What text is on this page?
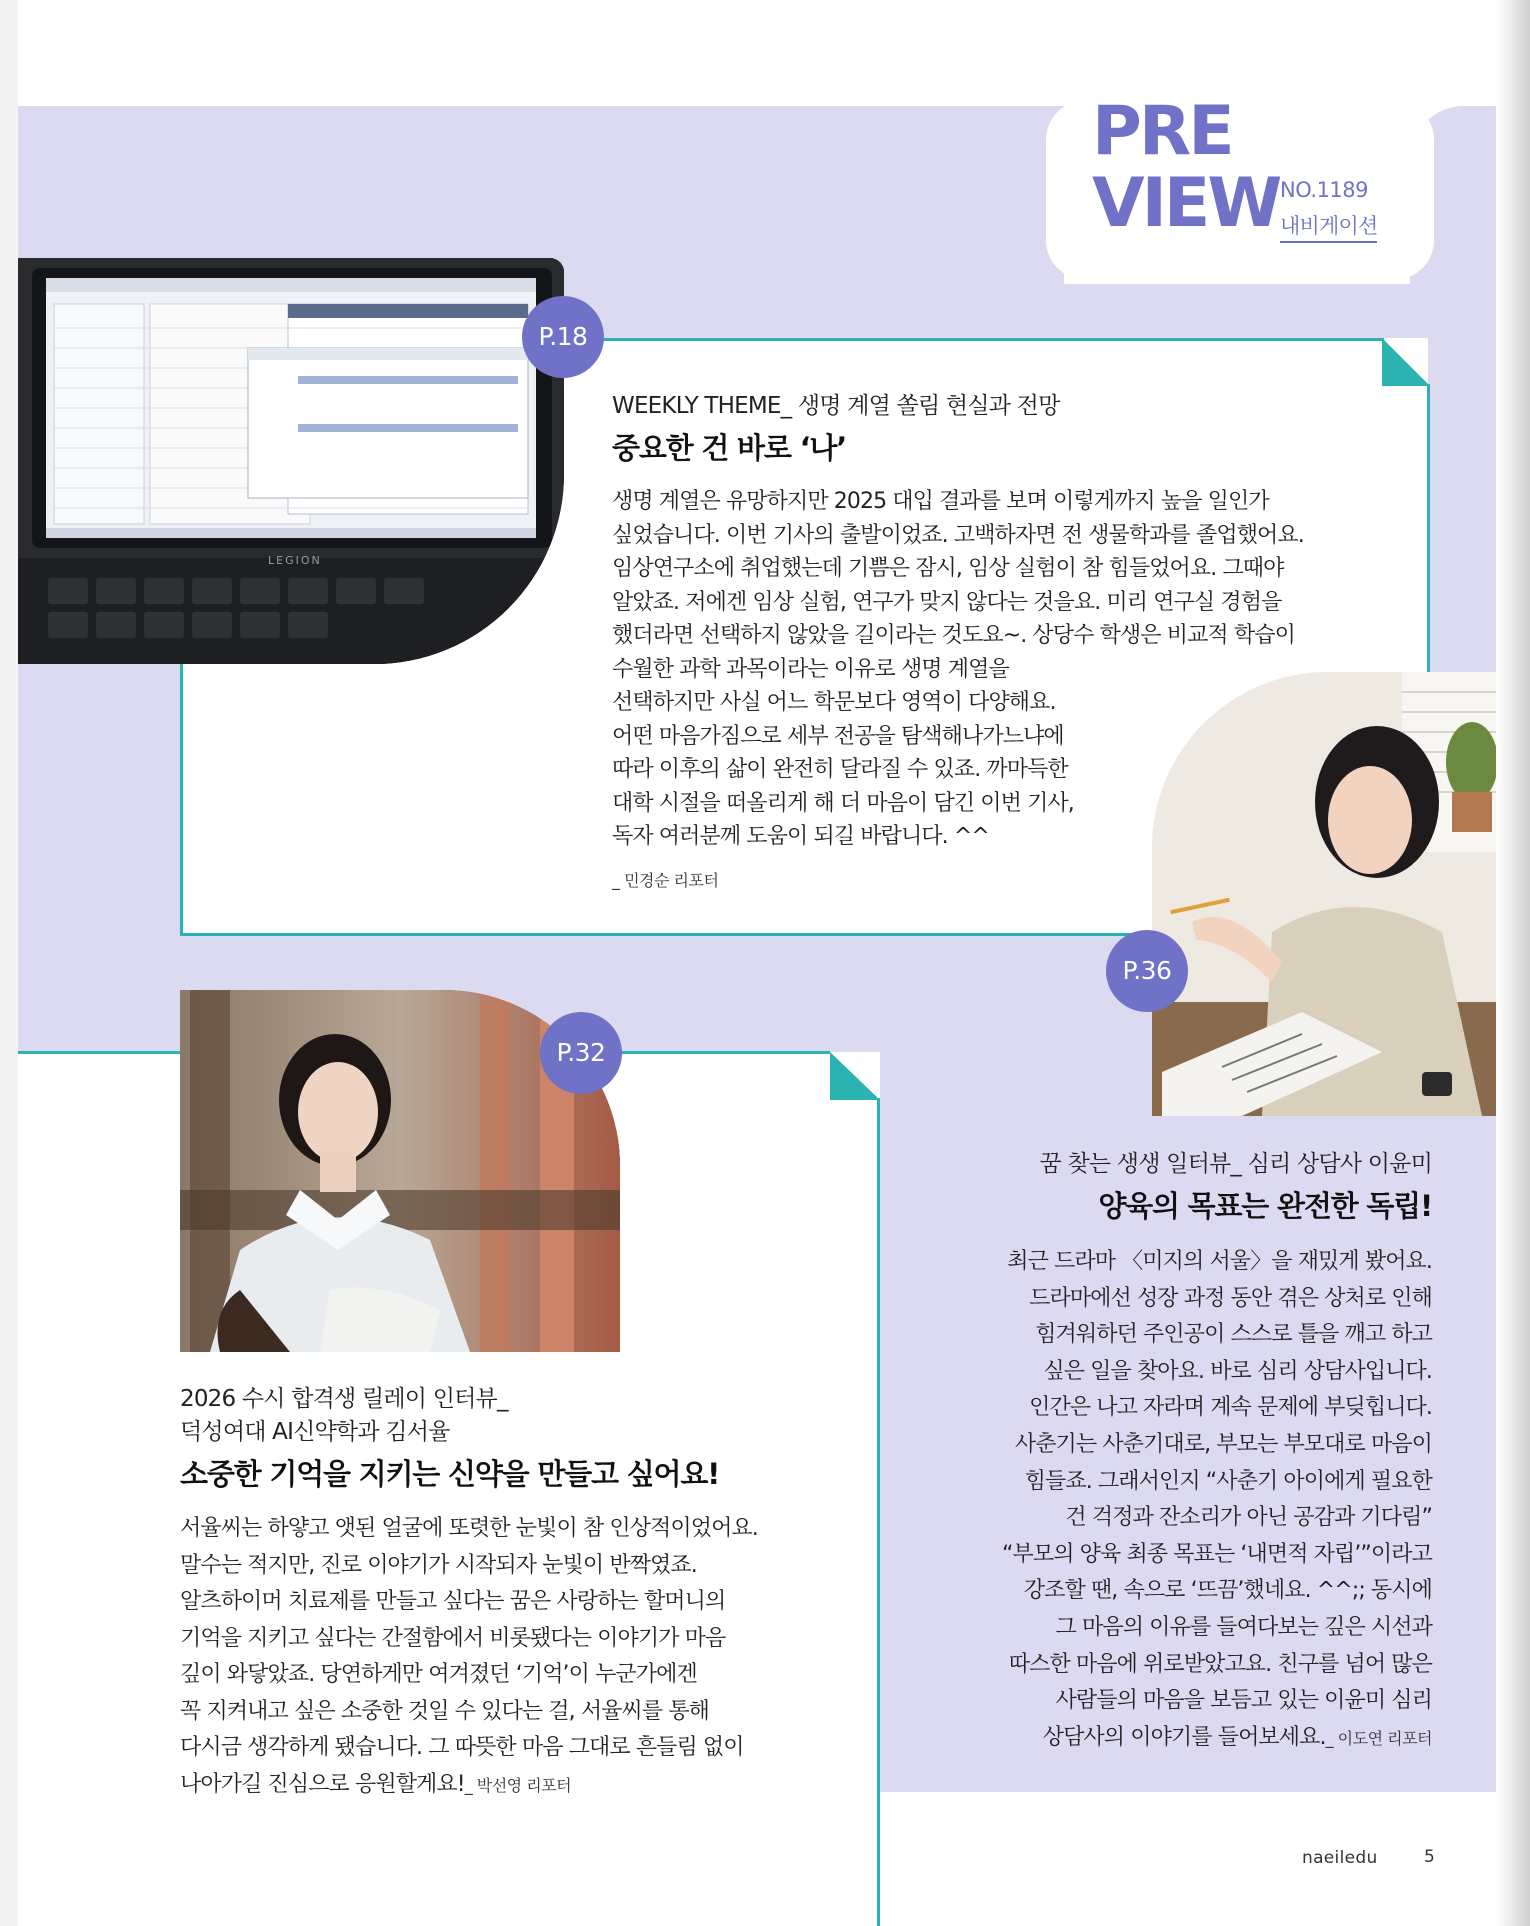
PRE
VIEW NO.1189
내비게이션
LEGION
P.18
WEEKLY THEME_ 생명 계열 쏠림 현실과 전망
중요한 건 바로 ‘나’

생명 계열은 유망하지만 2025 대입 결과를 보며 이렇게까지 높을 일인가

싶었습니다. 이번 기사의 출발이었죠. 고백하자면 전 생물학과를 졸업했어요.

임상연구소에 취업했는데 기쁨은 잠시, 임상 실험이 참 힘들었어요. 그때야

알았죠. 저에겐 임상 실험, 연구가 맞지 않다는 것을요. 미리 연구실 경험을

했더라면 선택하지 않았을 길이라는 것도요~. 상당수 학생은 비교적 학습이

수월한 과학 과목이라는 이유로 생명 계열을

선택하지만 사실 어느 학문보다 영역이 다양해요.

어떤 마음가짐으로 세부 전공을 탐색해나가느냐에

따라 이후의 삶이 완전히 달라질 수 있죠. 까마득한

대학 시절을 떠올리게 해 더 마음이 담긴 이번 기사,

독자 여러분께 도움이 되길 바랍니다. ^^

_ 민경순 리포터
P.36
P.32
2026 수시 합격생 릴레이 인터뷰_
덕성여대 AI신약학과 김서율
소중한 기억을 지키는 신약을 만들고 싶어요!

서율씨는 하얗고 앳된 얼굴에 또렷한 눈빛이 참 인상적이었어요.

말수는 적지만, 진로 이야기가 시작되자 눈빛이 반짝였죠.

알츠하이머 치료제를 만들고 싶다는 꿈은 사랑하는 할머니의

기억을 지키고 싶다는 간절함에서 비롯됐다는 이야기가 마음

깊이 와닿았죠. 당연하게만 여겨졌던 ‘기억’이 누군가에겐

꼭 지켜내고 싶은 소중한 것일 수 있다는 걸, 서율씨를 통해

다시금 생각하게 됐습니다. 그 따뜻한 마음 그대로 흔들림 없이

나아가길 진심으로 응원할게요!_ 박선영 리포터

꿈 찾는 생생 일터뷰_ 심리 상담사 이윤미
양육의 목표는 완전한 독립!

최근 드라마 〈미지의 서울〉을 재밌게 봤어요.

드라마에선 성장 과정 동안 겪은 상처로 인해

힘겨워하던 주인공이 스스로 틀을 깨고 하고

싶은 일을 찾아요. 바로 심리 상담사입니다.

인간은 나고 자라며 계속 문제에 부딪힙니다.

사춘기는 사춘기대로, 부모는 부모대로 마음이

힘들죠. 그래서인지 “사춘기 아이에게 필요한

건 걱정과 잔소리가 아닌 공감과 기다림”

“부모의 양육 최종 목표는 ‘내면적 자립’”이라고

강조할 땐, 속으로 ‘뜨끔’했네요. ^^;; 동시에

그 마음의 이유를 들여다보는 깊은 시선과

따스한 마음에 위로받았고요. 친구를 넘어 많은

사람들의 마음을 보듬고 있는 이윤미 심리

상담사의 이야기를 들어보세요._ 이도연 리포터

naeiledu	5
